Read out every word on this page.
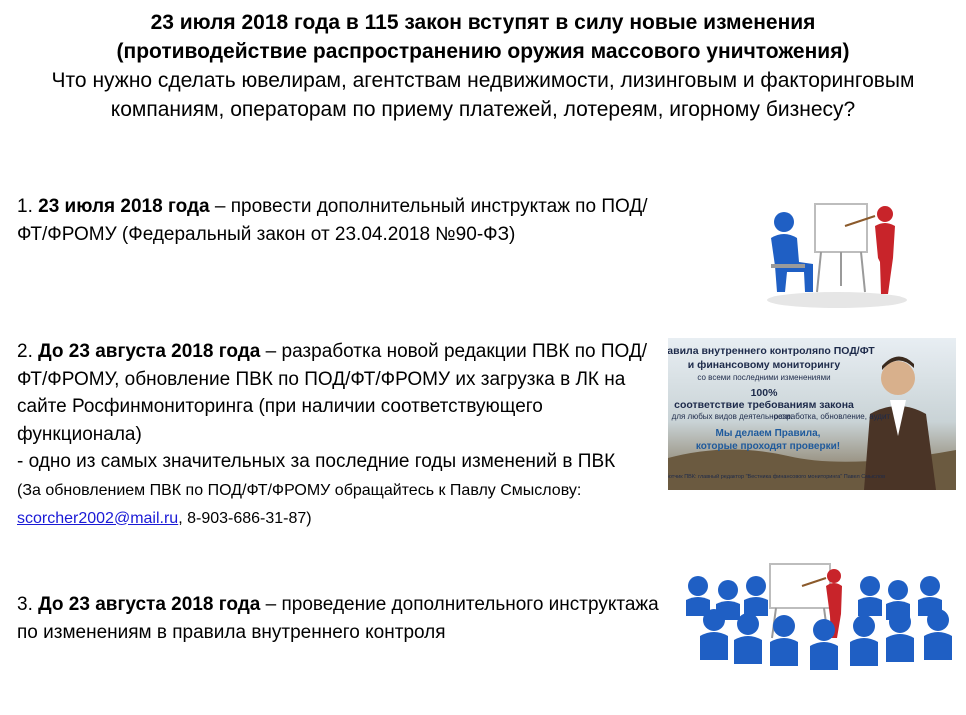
23 июля 2018 года в 115 закон вступят в силу новые изменения
(противодействие распространению оружия массового уничтожения)
Что нужно сделать ювелирам, агентствам недвижимости, лизинговым и факторинговым компаниям, операторам по приему платежей, лотереям, игорному бизнесу?
1. 23 июля 2018 года – провести дополнительный инструктаж по ПОД/ФТ/ФРОМУ (Федеральный закон от 23.04.2018 №90-ФЗ)
2. До 23 августа 2018 года – разработка новой редакции ПВК по ПОД/ФТ/ФРОМУ, обновление ПВК по ПОД/ФТ/ФРОМУ их загрузка в ЛК на сайте Росфинмониторинга (при наличии соответствующего функционала)
- одно из самых значительных за последние годы изменений в ПВК
(За обновлением ПВК по ПОД/ФТ/ФРОМУ обращайтесь к Павлу Смыслову: scorcher2002@mail.ru, 8-903-686-31-87)
3. До 23 августа 2018 года – проведение дополнительного инструктажа по изменениям в правила внутреннего контроля
Правила внутреннего контроляпо ПОД/ФТ
и финансовому мониторингу
со всеми последними изменениями
100%
соответствие требованиям закона
для любых видов деятельности:
разработка, обновление, аудит
Мы делаем Правила,
которые проходят проверки!
разработчик ПВК: главный редактор "Вестника финансового мониторинга" Павел Смыслов
